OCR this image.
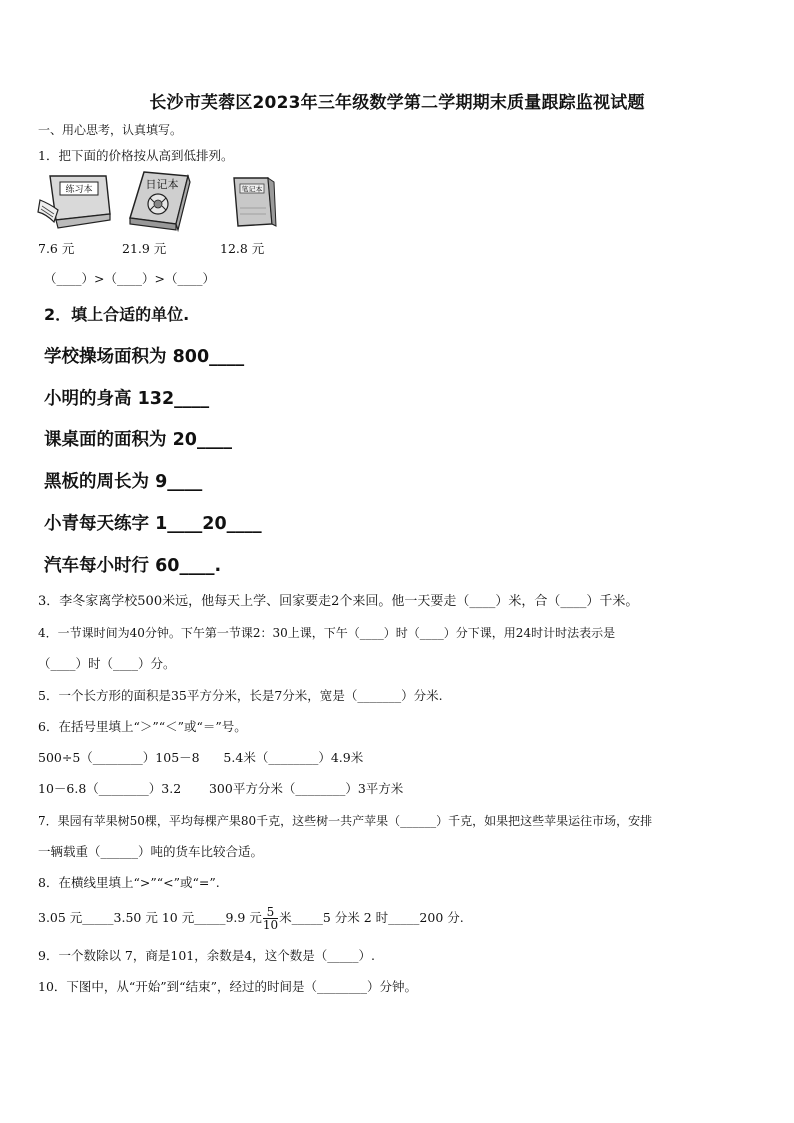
长沙市芙蓉区2023年三年级数学第二学期期末质量跟踪监视试题
一、用心思考，认真填写。
1．把下面的价格按从高到低排列。
练习本	日记本	笔记本
7.6 元	21.9 元	12.8 元
（____）>（____）>（____）
2．填上合适的单位.
学校操场面积为 800____
小明的身高 132____
课桌面的面积为 20____
黑板的周长为 9____
小青每天练字 1____20____
汽车每小时行 60____.
3．李冬家离学校500米远，他每天上学、回家要走2个来回。他一天要走（____）米，合（____）千米。
4．一节课时间为40分钟。下午第一节课2：30上课，下午（____）时（____）分下课，用24时计时法表示是
（____）时（____）分。
5．一个长方形的面积是35平方分米，长是7分米，宽是（_______）分米.
6．在括号里填上“＞”“＜”或“＝”号。
500÷5（________）105－8      5.4米（________）4.9米
10－6.8（________）3.2       300平方分米（________）3平方米
7．果园有苹果树50棵，平均每棵产果80千克，这些树一共产苹果（______）千克，如果把这些苹果运往市场，安排
一辆载重（______）吨的货车比较合适。
8．在横线里填上“>”“<”或“=”.
3.05 元_____3.50 元 10 元_____9.9 元 $\frac{5}{10}$ 米_____5 分米 2 时_____200 分.
9．一个数除以 7，商是101，余数是4，这个数是（_____）.
10．下图中，从“开始”到“结束”，经过的时间是（________）分钟。
